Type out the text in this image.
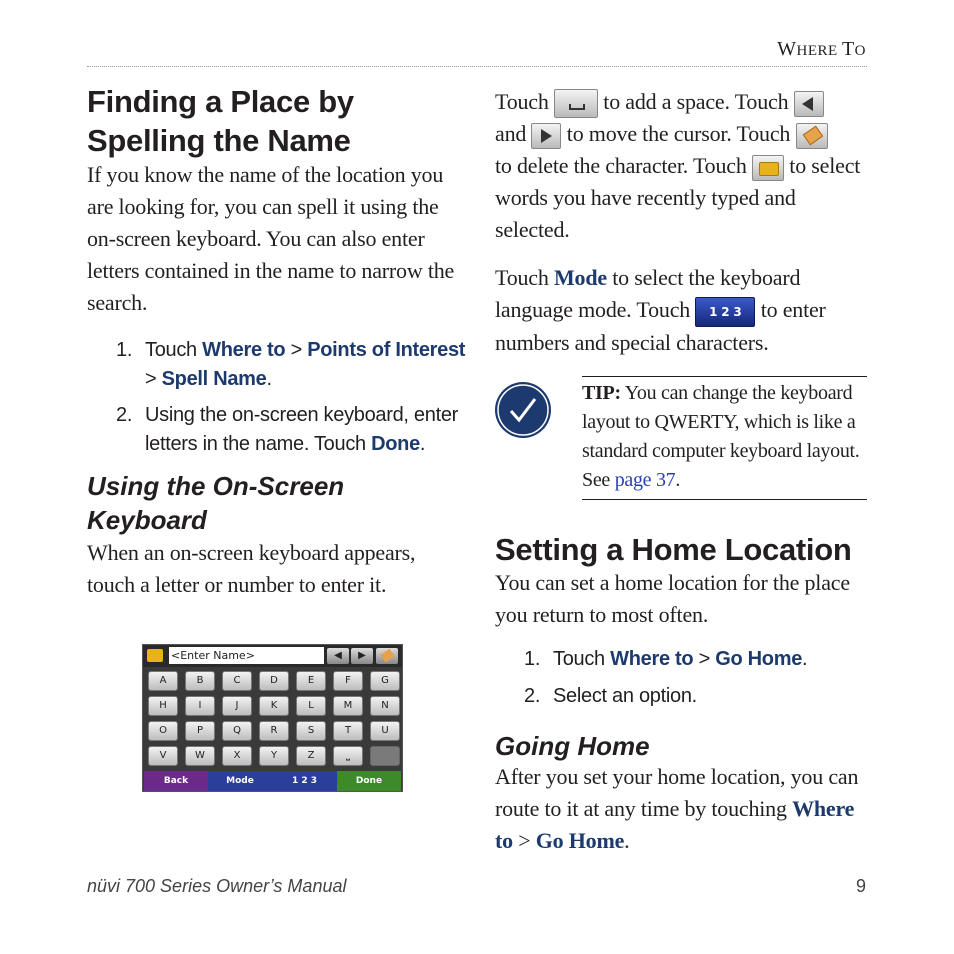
WHERE TO
Finding a Place by
Spelling the Name

If you know the name of the location you are looking for, you can spell it using the on-screen keyboard. You can also enter letters contained in the name to narrow the search.

1. Touch Where to > Points of Interest > Spell Name.
2. Using the on-screen keyboard, enter letters in the name. Touch Done.
Using the On-Screen Keyboard

When an on-screen keyboard appears, touch a letter or number to enter it.

<Enter Name>	◀	▶
A	B	C	D	E	F	G
H	I	J	K	L	M	N
O	P	Q	R	S	T	U
V	W	X	Y	Z	⎵
Back	Mode	1 2 3	Done

Touch to add a space. Touch

and to move the cursor. Touch

to delete the character. Touch to select words you have recently typed and selected.

Touch Mode to select the keyboard language mode. Touch 1 2 3 to enter numbers and special characters.

TIP: You can change the keyboard layout to QWERTY, which is like a standard computer keyboard layout. See page 37.
Setting a Home Location

You can set a home location for the place you return to most often.

1. Touch Where to > Go Home.
2. Select an option.
Going Home

After you set your home location, you can route to it at any time by touching Where to > Go Home.

nüvi 700 Series Owner’s Manual	9
